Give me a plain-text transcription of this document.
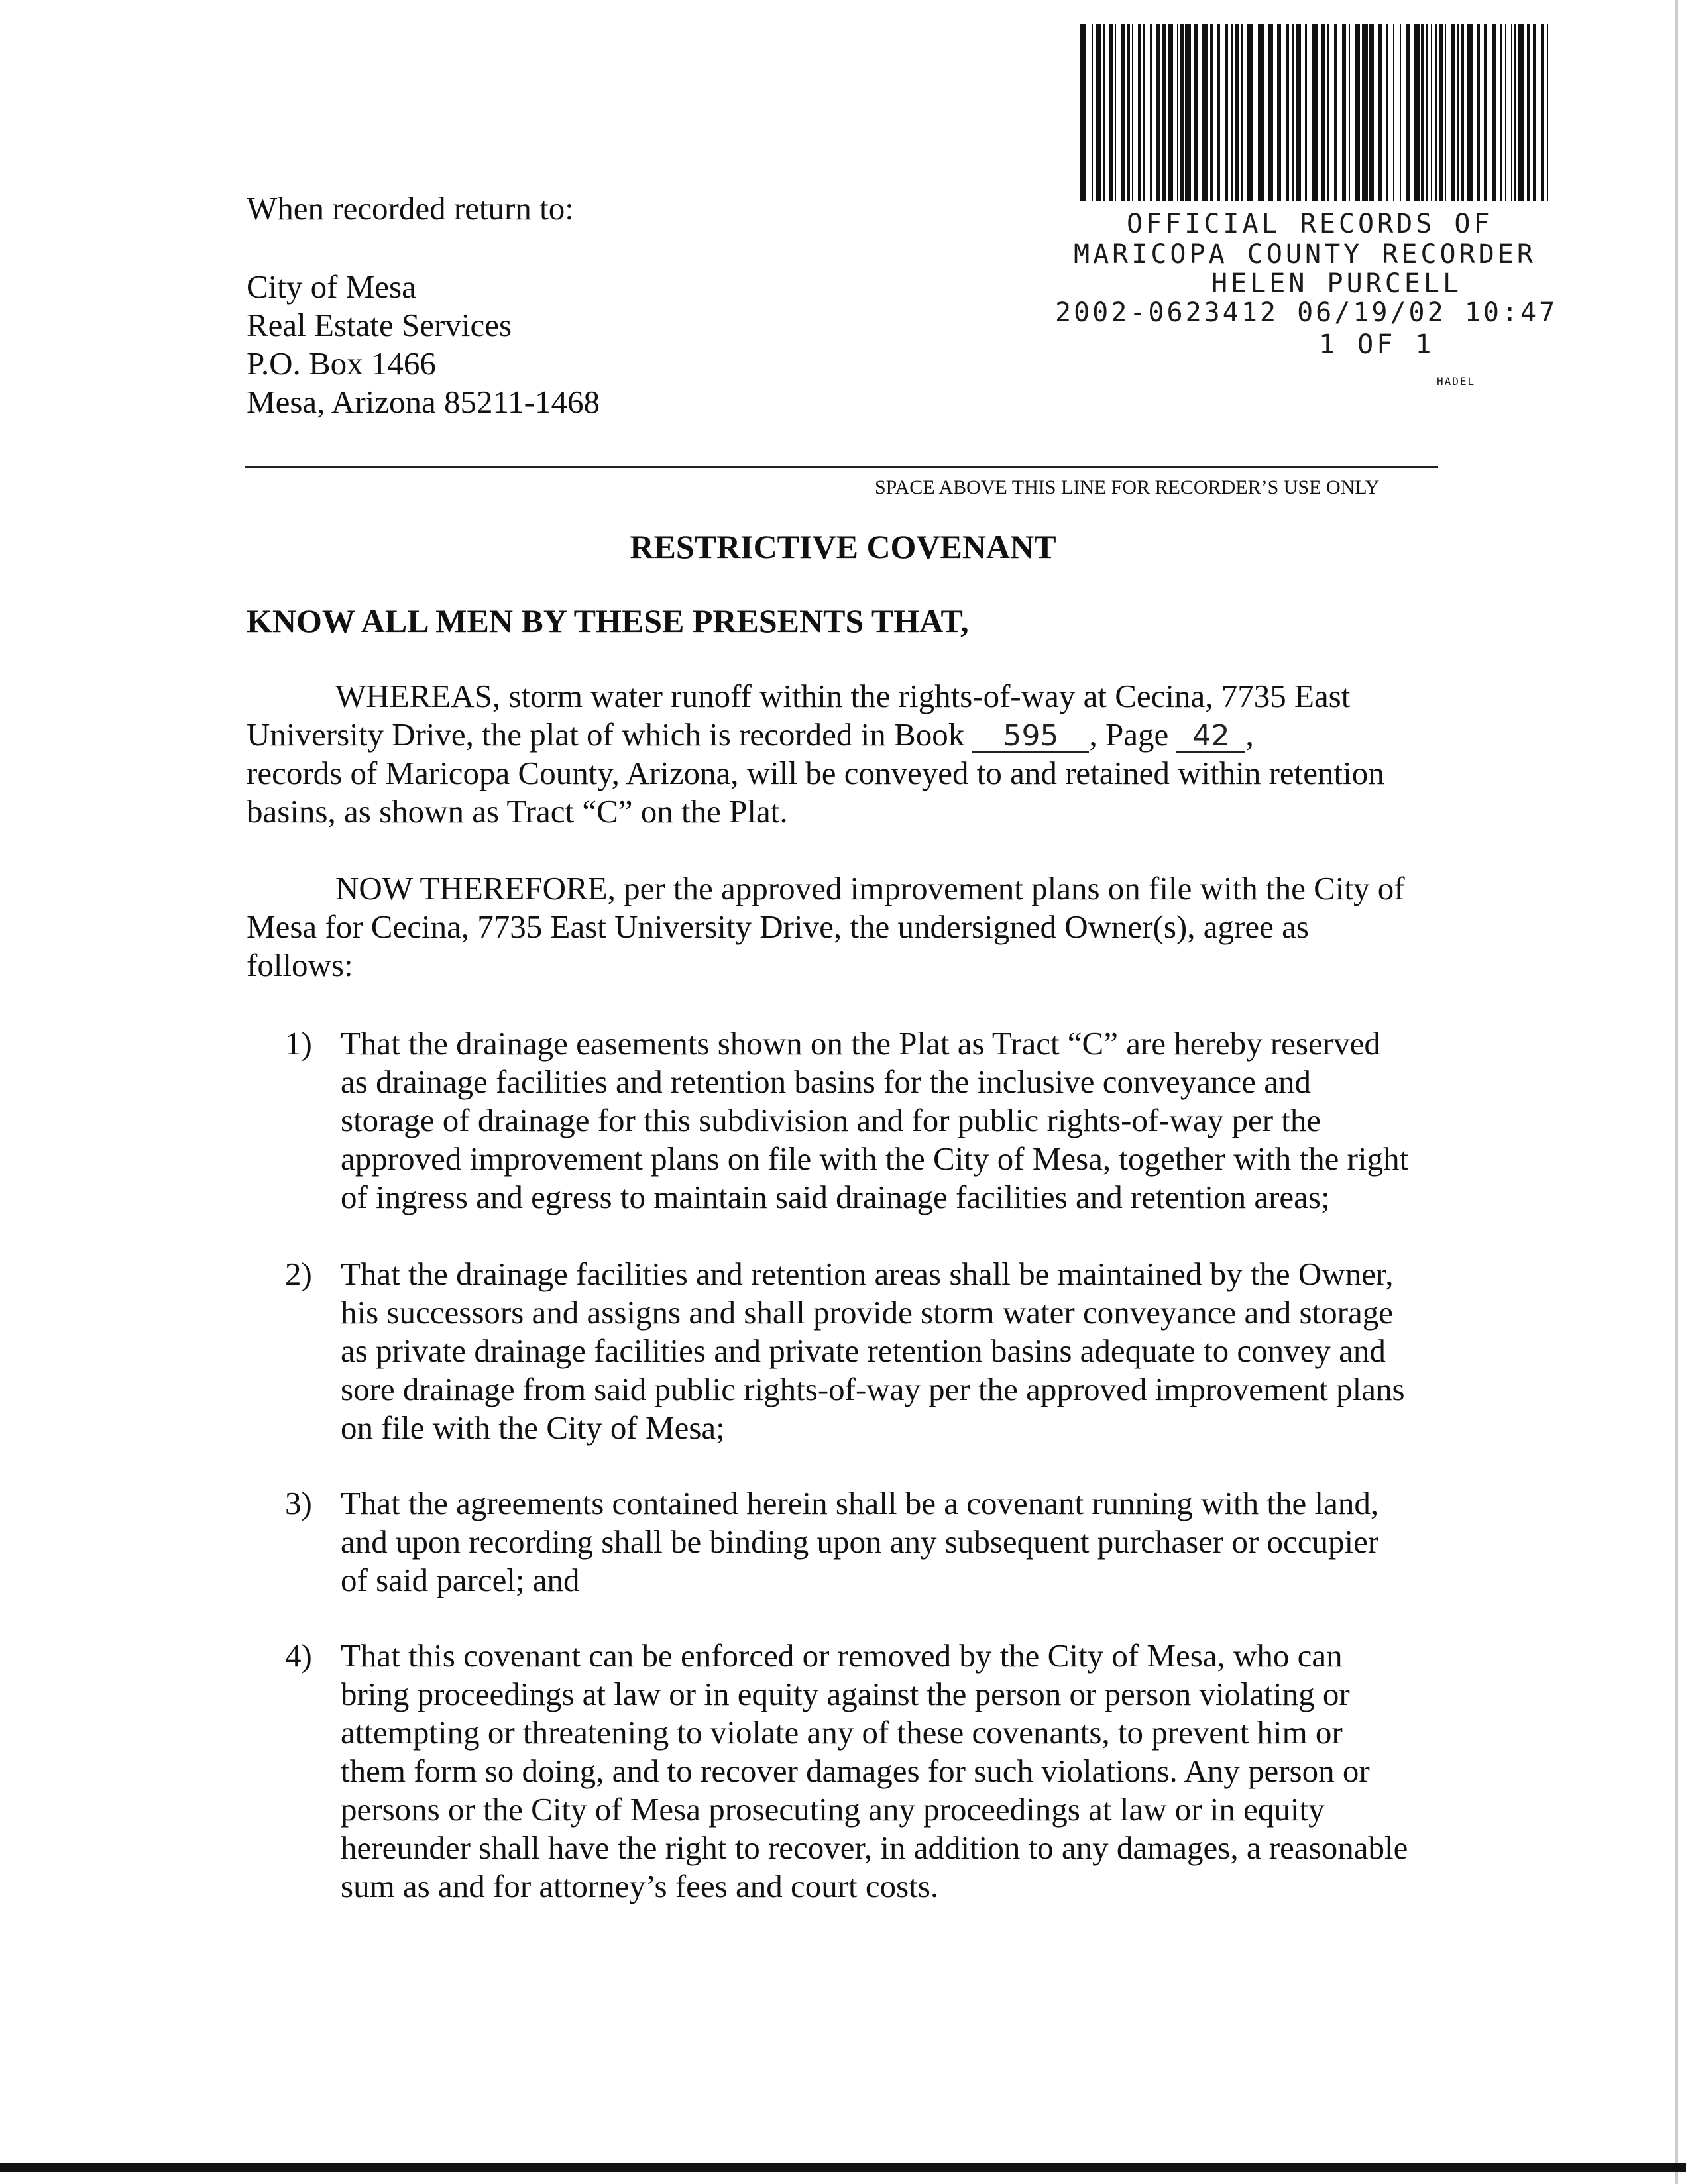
When recorded return to:
City of Mesa
Real Estate Services
P.O. Box 1466
Mesa, Arizona 85211-1468
OFFICIAL RECORDS OF
MARICOPA COUNTY RECORDER
HELEN PURCELL
2002-0623412 06/19/02 10:47
1 OF 1
HADEL
SPACE ABOVE THIS LINE FOR RECORDER’S USE ONLY
RESTRICTIVE COVENANT
KNOW ALL MEN BY THESE PRESENTS THAT,
WHEREAS, storm water runoff within the rights-of-way at Cecina, 7735 East
University Drive, the plat of which is recorded in Book 595 , Page 42 ,
records of Maricopa County, Arizona, will be conveyed to and retained within retention
basins, as shown as Tract “C” on the Plat.
NOW THEREFORE, per the approved improvement plans on file with the City of
Mesa for Cecina, 7735 East University Drive, the undersigned Owner(s), agree as
follows:
1) That the drainage easements shown on the Plat as Tract “C” are hereby reserved
as drainage facilities and retention basins for the inclusive conveyance and
storage of drainage for this subdivision and for public rights-of-way per the
approved improvement plans on file with the City of Mesa, together with the right
of ingress and egress to maintain said drainage facilities and retention areas;
2) That the drainage facilities and retention areas shall be maintained by the Owner,
his successors and assigns and shall provide storm water conveyance and storage
as private drainage facilities and private retention basins adequate to convey and
sore drainage from said public rights-of-way per the approved improvement plans
on file with the City of Mesa;
3) That the agreements contained herein shall be a covenant running with the land,
and upon recording shall be binding upon any subsequent purchaser or occupier
of said parcel; and
4) That this covenant can be enforced or removed by the City of Mesa, who can
bring proceedings at law or in equity against the person or person violating or
attempting or threatening to violate any of these covenants, to prevent him or
them form so doing, and to recover damages for such violations. Any person or
persons or the City of Mesa prosecuting any proceedings at law or in equity
hereunder shall have the right to recover, in addition to any damages, a reasonable
sum as and for attorney’s fees and court costs.
